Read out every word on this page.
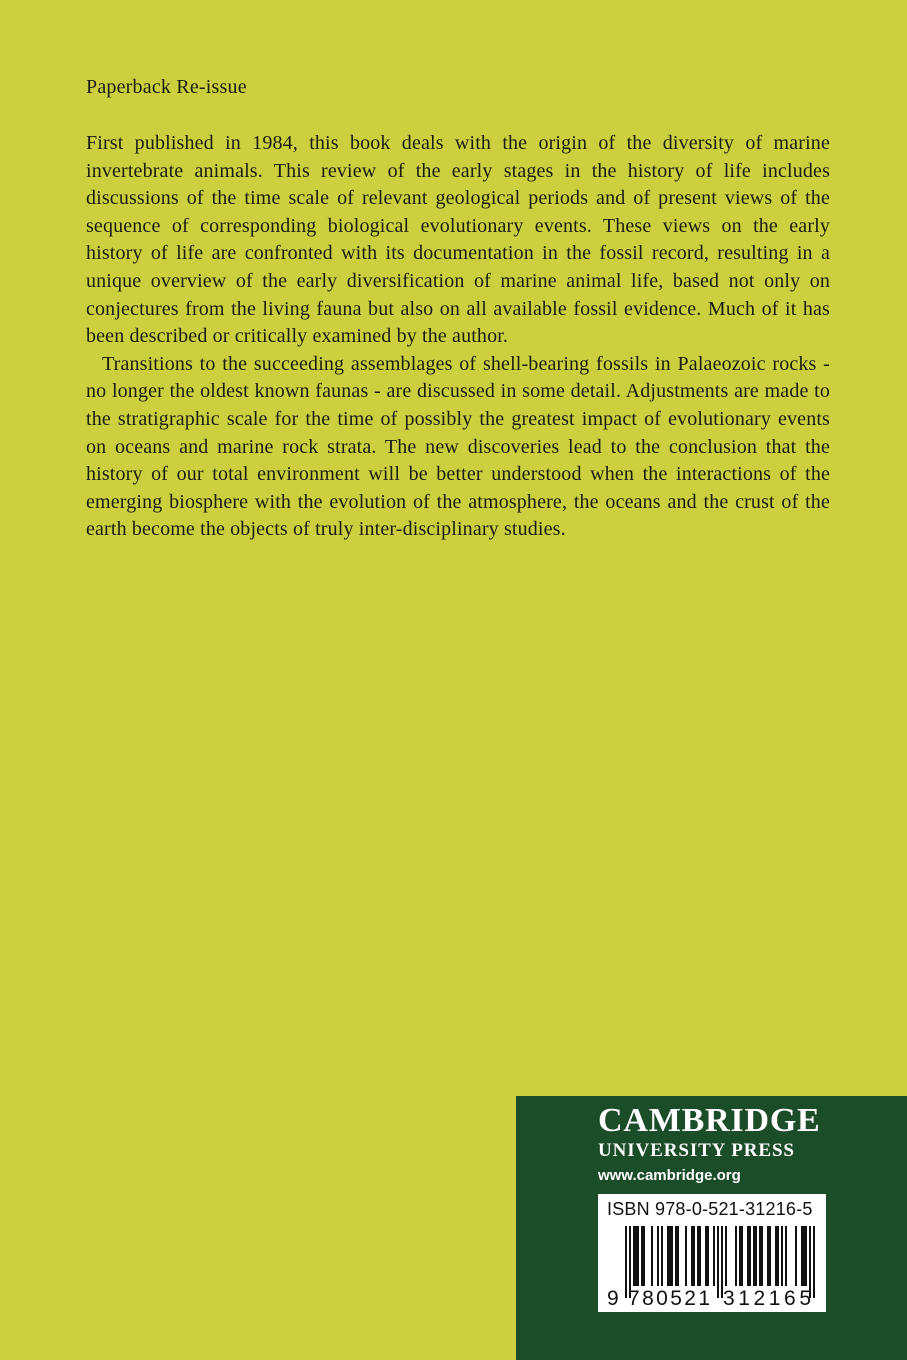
Paperback Re-issue

First published in 1984, this book deals with the origin of the diversity of marine invertebrate animals. This review of the early stages in the history of life includes discussions of the time scale of relevant geological periods and of present views of the sequence of corresponding biological evolutionary events. These views on the early history of life are confronted with its documentation in the fossil record, resulting in a unique overview of the early diversification of marine animal life, based not only on conjectures from the living fauna but also on all available fossil evidence. Much of it has been described or critically examined by the author.

Transitions to the succeeding assemblages of shell-bearing fossils in Palaeozoic rocks - no longer the oldest known faunas - are discussed in some detail. Adjustments are made to the stratigraphic scale for the time of possibly the greatest impact of evolutionary events on oceans and marine rock strata. The new discoveries lead to the conclusion that the history of our total environment will be better understood when the interactions of the emerging biosphere with the evolution of the atmosphere, the oceans and the crust of the earth become the objects of truly inter-disciplinary studies.

CAMBRIDGE
UNIVERSITY PRESS
www.cambridge.org
9 780521 312165
ISBN 978-0-521-31216-5
